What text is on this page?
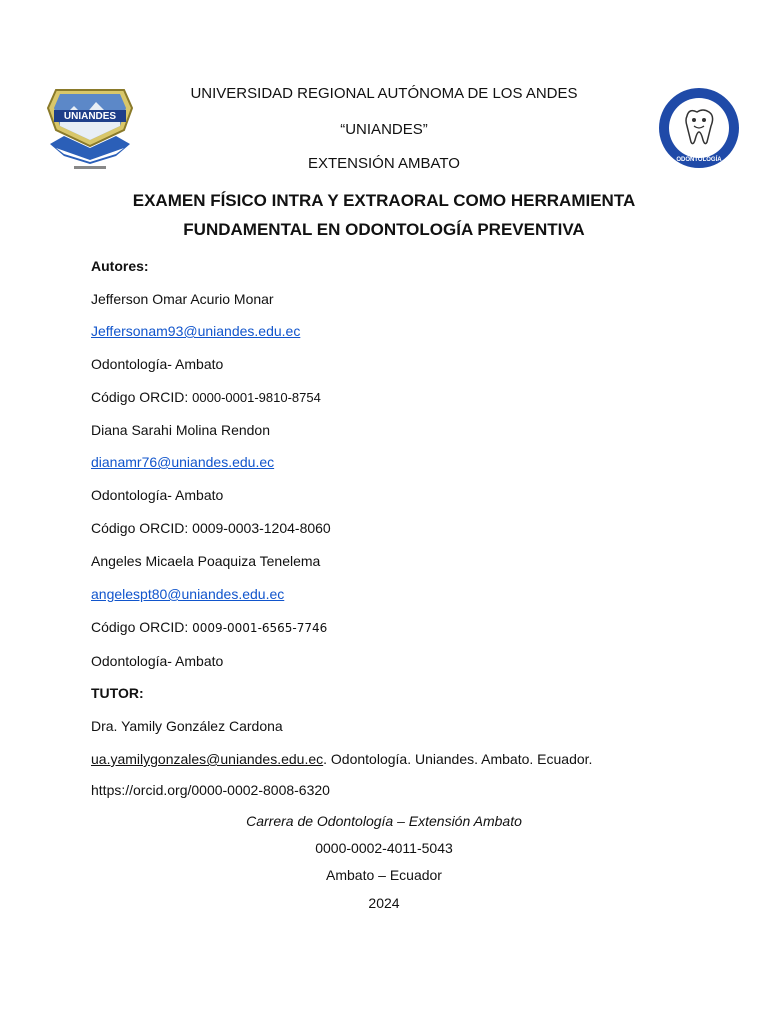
UNIANDES
ODONTOLOGÍA
UNIVERSIDAD REGIONAL AUTÓNOMA DE LOS ANDES
“UNIANDES”
EXTENSIÓN AMBATO
EXAMEN FÍSICO INTRA Y EXTRAORAL COMO HERRAMIENTA
FUNDAMENTAL EN ODONTOLOGÍA PREVENTIVA
Autores:
Jefferson Omar Acurio Monar
Jeffersonam93@uniandes.edu.ec
Odontología- Ambato
Código ORCID: 0000-0001-9810-8754
Diana Sarahi Molina Rendon
dianamr76@uniandes.edu.ec
Odontología- Ambato
Código ORCID: 0009-0003-1204-8060
Angeles Micaela Poaquiza Tenelema
angelespt80@uniandes.edu.ec
Código ORCID: 0009-0001-6565-7746
Odontología- Ambato
TUTOR:
Dra. Yamily González Cardona
ua.yamilygonzales@uniandes.edu.ec. Odontología. Uniandes. Ambato. Ecuador.
https://orcid.org/0000-0002-8008-6320
Carrera de Odontología – Extensión Ambato
0000-0002-4011-5043
Ambato – Ecuador
2024
